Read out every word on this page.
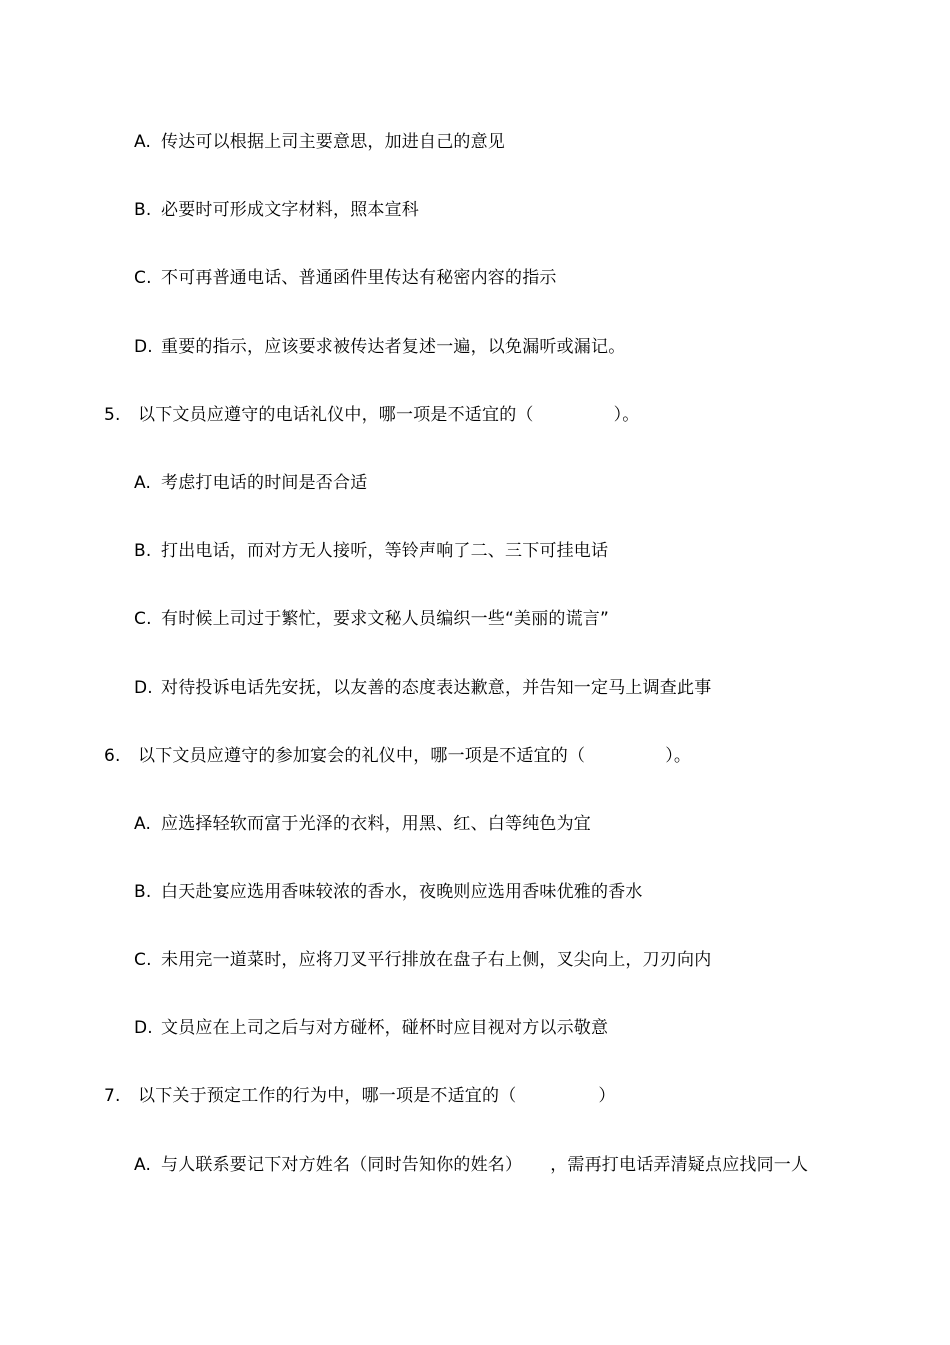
A. 传达可以根据上司主要意思，加进自己的意见
B. 必要时可形成文字材料，照本宣科
C. 不可再普通电话、普通函件里传达有秘密内容的指示
D. 重要的指示，应该要求被传达者复述一遍，以免漏听或漏记。
5. 以下文员应遵守的电话礼仪中，哪一项是不适宜的（	）。
A. 考虑打电话的时间是否合适
B. 打出电话，而对方无人接听，等铃声响了二、三下可挂电话
C. 有时候上司过于繁忙，要求文秘人员编织一些“美丽的谎言”
D. 对待投诉电话先安抚，以友善的态度表达歉意，并告知一定马上调查此事
6. 以下文员应遵守的参加宴会的礼仪中，哪一项是不适宜的（	）。
A. 应选择轻软而富于光泽的衣料，用黑、红、白等纯色为宜
B. 白天赴宴应选用香味较浓的香水，夜晚则应选用香味优雅的香水
C. 未用完一道菜时，应将刀叉平行排放在盘子右上侧，叉尖向上，刀刃向内
D. 文员应在上司之后与对方碰杯，碰杯时应目视对方以示敬意
7. 以下关于预定工作的行为中，哪一项是不适宜的（	）
A. 与人联系要记下对方姓名（同时告知你的姓名） ，需再打电话弄清疑点应找同一人
